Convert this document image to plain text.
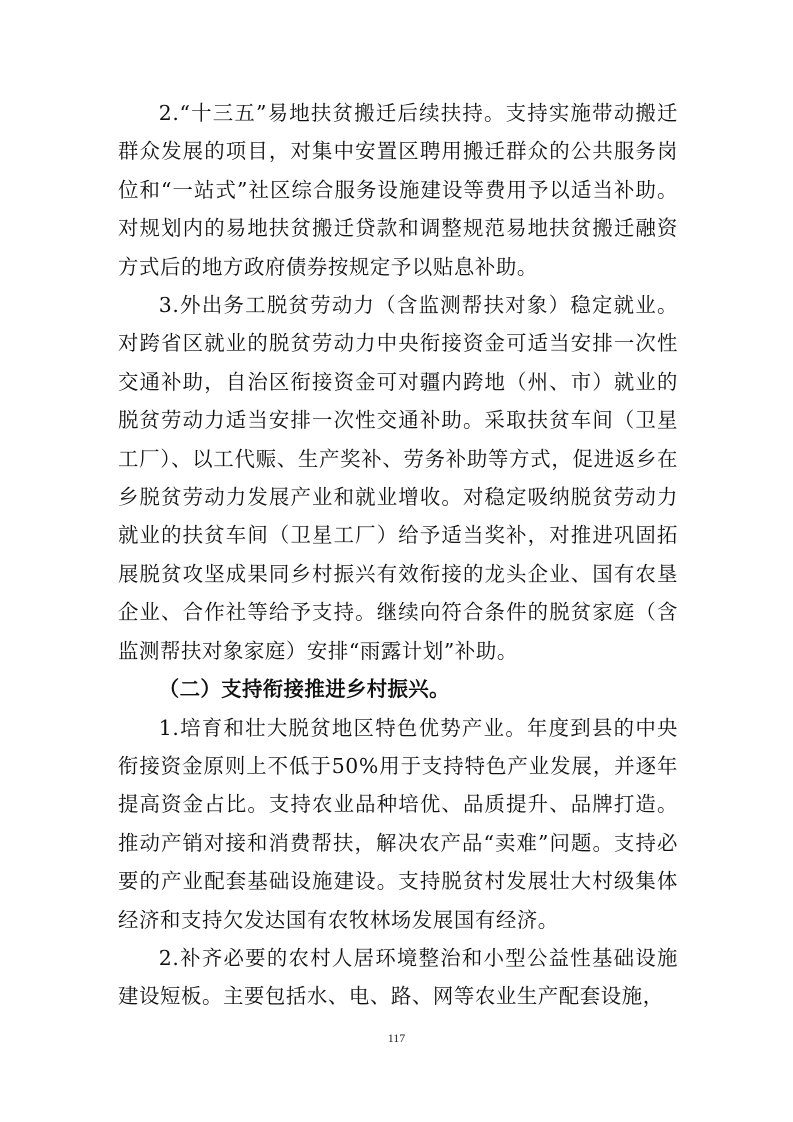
2.“十三五”易地扶贫搬迁后续扶持。支持实施带动搬迁群众发展的项目，对集中安置区聘用搬迁群众的公共服务岗位和“一站式”社区综合服务设施建设等费用予以适当补助。对规划内的易地扶贫搬迁贷款和调整规范易地扶贫搬迁融资方式后的地方政府债券按规定予以贴息补助。

3.外出务工脱贫劳动力（含监测帮扶对象）稳定就业。对跨省区就业的脱贫劳动力中央衔接资金可适当安排一次性交通补助，自治区衔接资金可对疆内跨地（州、市）就业的脱贫劳动力适当安排一次性交通补助。采取扶贫车间（卫星工厂）、以工代赈、生产奖补、劳务补助等方式，促进返乡在乡脱贫劳动力发展产业和就业增收。对稳定吸纳脱贫劳动力就业的扶贫车间（卫星工厂）给予适当奖补，对推进巩固拓展脱贫攻坚成果同乡村振兴有效衔接的龙头企业、国有农垦企业、合作社等给予支持。继续向符合条件的脱贫家庭（含监测帮扶对象家庭）安排“雨露计划”补助。

（二）支持衔接推进乡村振兴。

1.培育和壮大脱贫地区特色优势产业。年度到县的中央衔接资金原则上不低于50%用于支持特色产业发展，并逐年提高资金占比。支持农业品种培优、品质提升、品牌打造。推动产销对接和消费帮扶，解决农产品“卖难”问题。支持必要的产业配套基础设施建设。支持脱贫村发展壮大村级集体经济和支持欠发达国有农牧林场发展国有经济。

2.补齐必要的农村人居环境整治和小型公益性基础设施建设短板。主要包括水、电、路、网等农业生产配套设施，

117
